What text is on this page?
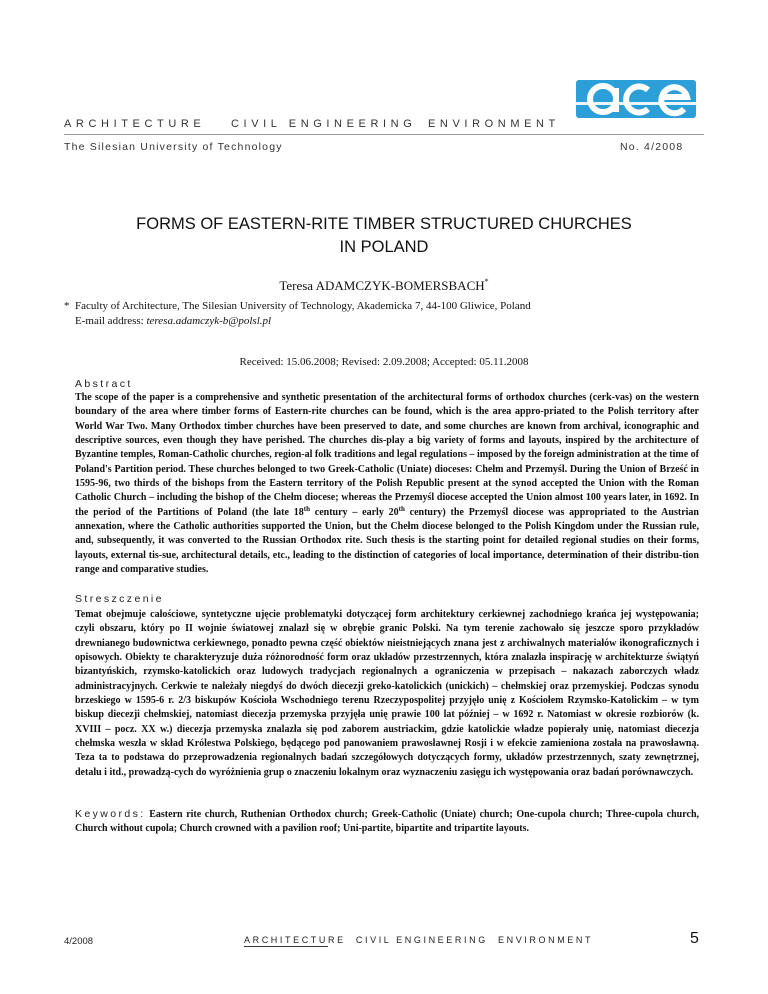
ARCHITECTURE CIVIL ENGINEERING ENVIRONMENT
The Silesian University of Technology	No. 4/2008
FORMS OF EASTERN-RITE TIMBER STRUCTURED CHURCHES
IN POLAND
Teresa ADAMCZYK-BOMERSBACH*
* Faculty of Architecture, The Silesian University of Technology, Akademicka 7, 44-100 Gliwice, Poland
E-mail address: teresa.adamczyk-b@polsl.pl
Received: 15.06.2008; Revised: 2.09.2008; Accepted: 05.11.2008
Abstract
The scope of the paper is a comprehensive and synthetic presentation of the architectural forms of orthodox churches (cerk-vas) on the western boundary of the area where timber forms of Eastern-rite churches can be found, which is the area appro-priated to the Polish territory after World War Two. Many Orthodox timber churches have been preserved to date, and some churches are known from archival, iconographic and descriptive sources, even though they have perished. The churches dis-play a big variety of forms and layouts, inspired by the architecture of Byzantine temples, Roman-Catholic churches, region-al folk traditions and legal regulations – imposed by the foreign administration at the time of Poland's Partition period. These churches belonged to two Greek-Catholic (Uniate) dioceses: Chełm and Przemyśl. During the Union of Brześć in 1595-96, two thirds of the bishops from the Eastern territory of the Polish Republic present at the synod accepted the Union with the Roman Catholic Church – including the bishop of the Chełm diocese; whereas the Przemyśl diocese accepted the Union almost 100 years later, in 1692. In the period of the Partitions of Poland (the late 18th century – early 20th century) the Przemyśl diocese was appropriated to the Austrian annexation, where the Catholic authorities supported the Union, but the Chełm diocese belonged to the Polish Kingdom under the Russian rule, and, subsequently, it was converted to the Russian Orthodox rite. Such thesis is the starting point for detailed regional studies on their forms, layouts, external tis-sue, architectural details, etc., leading to the distinction of categories of local importance, determination of their distribu-tion range and comparative studies.
Streszczenie
Temat obejmuje całościowe, syntetyczne ujęcie problematyki dotyczącej form architektury cerkiewnej zachodniego krańca jej występowania; czyli obszaru, który po II wojnie światowej znalazł się w obrębie granic Polski. Na tym terenie zachowało się jeszcze sporo przykładów drewnianego budownictwa cerkiewnego, ponadto pewna część obiektów nieistniejących znana jest z archiwalnych materiałów ikonograficznych i opisowych. Obiekty te charakteryzuje duża różnorodność form oraz układów przestrzennych, która znalazła inspirację w architekturze świątyń bizantyńskich, rzymsko-katolickich oraz ludowych tradycjach regionalnych a ograniczenia w przepisach – nakazach zaborczych władz administracyjnych. Cerkwie te należały niegdyś do dwóch diecezji greko-katolickich (unickich) – chełmskiej oraz przemyskiej. Podczas synodu brzeskiego w 1595-6 r. 2/3 biskupów Kościoła Wschodniego terenu Rzeczypospolitej przyjęło unię z Kościołem Rzymsko-Katolickim – w tym biskup diecezji chełmskiej, natomiast diecezja przemyska przyjęła unię prawie 100 lat później – w 1692 r. Natomiast w okresie rozbiorów (k. XVIII – pocz. XX w.) diecezja przemyska znalazła się pod zaborem austriackim, gdzie katolickie władze popierały unię, natomiast diecezja chełmska weszła w skład Królestwa Polskiego, będącego pod panowaniem prawosławnej Rosji i w efekcie zamieniona została na prawosławną. Teza ta to podstawa do przeprowadzenia regionalnych badań szczegółowych dotyczących formy, układów przestrzennych, szaty zewnętrznej, detalu i itd., prowadzą-cych do wyróżnienia grup o znaczeniu lokalnym oraz wyznaczeniu zasięgu ich występowania oraz badań porównawczych.
Keywords: Eastern rite church, Ruthenian Orthodox church; Greek-Catholic (Uniate) church; One-cupola church; Three-cupola church, Church without cupola; Church crowned with a pavilion roof; Uni-partite, bipartite and tripartite layouts.
4/2008	ARCHITECTURE CIVIL ENGINEERING ENVIRONMENT	5
